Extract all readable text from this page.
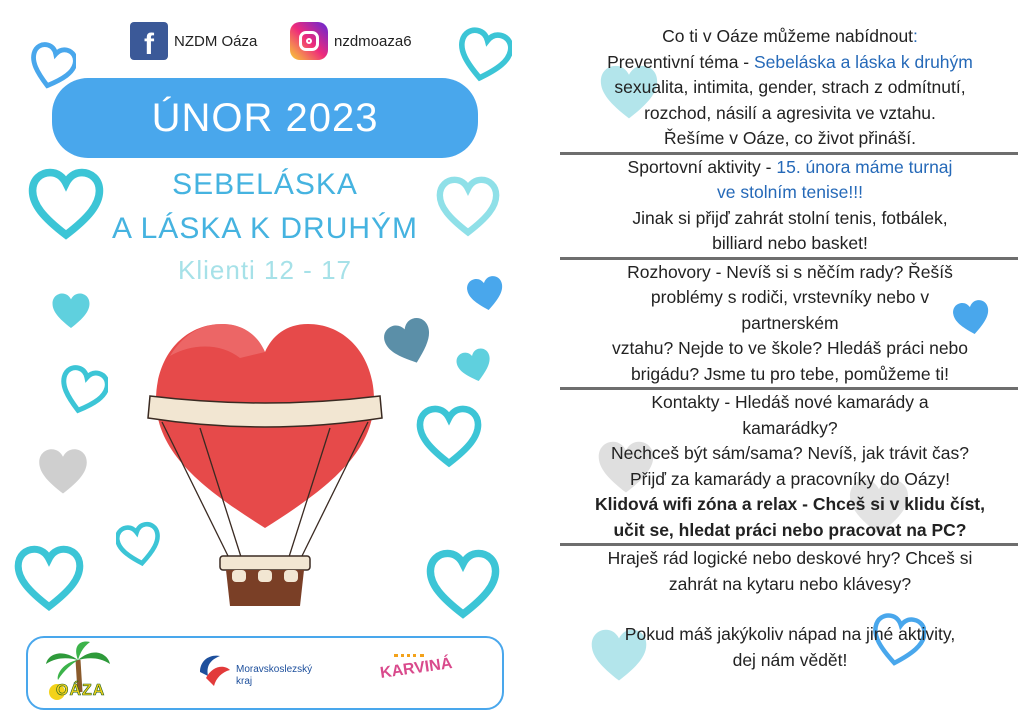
f	NZDM Oáza	nzdmoaza6
ÚNOR 2023
SEBELÁSKA
A LÁSKA K DRUHÝM
Klienti 12 - 17
OÁZA
Moravskoslezský
kraj	KARVINÁ
Co ti v Oáze můžeme nabídnout:
Preventivní téma - Sebeláska a láska k druhým
sexualita, intimita, gender, strach z odmítnutí,
rozchod, násilí a agresivita ve vztahu.
Řešíme v Oáze, co život přináší.
Sportovní aktivity - 15. února máme turnaj
ve stolním tenise!!!
Jinak si přijď zahrát stolní tenis, fotbálek,
billiard nebo basket!
Rozhovory - Nevíš si s něčím rady? Řešíš
problémy s rodiči, vrstevníky nebo v
partnerském
vztahu? Nejde to ve škole? Hledáš práci nebo
brigádu? Jsme tu pro tebe, pomůžeme ti!
Kontakty - Hledáš nové kamarády a
kamarádky?
Nechceš být sám/sama? Nevíš, jak trávit čas?
Přijď za kamarády a pracovníky do Oázy!
Klidová wifi zóna a relax - Chceš si v klidu číst,
učit se, hledat práci nebo pracovat na PC?
Hraješ rád logické nebo deskové hry? Chceš si
zahrát na kytaru nebo klávesy?
Pokud máš jakýkoliv nápad na jiné aktivity,
dej nám vědět!
